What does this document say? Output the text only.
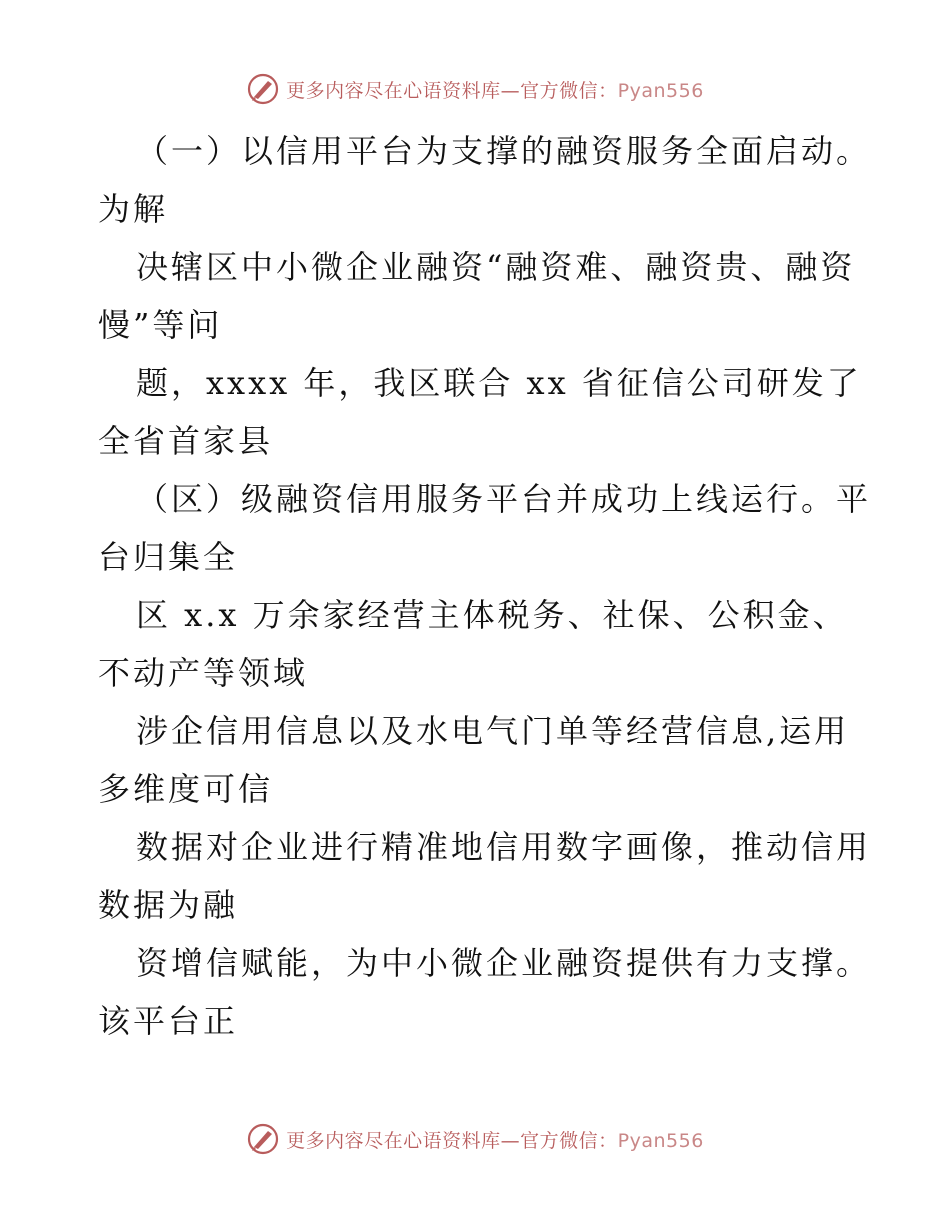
更多内容尽在心语资料库—官方微信：Pyan556
（一）以信用平台为支撑的融资服务全面启动。
为解
决辖区中小微企业融资“融资难、融资贵、融资
慢”等问
题，xxxx 年，我区联合 xx 省征信公司研发了
全省首家县
（区）级融资信用服务平台并成功上线运行。平
台归集全
区 x.x 万余家经营主体税务、社保、公积金、
不动产等领域
涉企信用信息以及水电气门单等经营信息,运用
多维度可信
数据对企业进行精准地信用数字画像，推动信用
数据为融
资增信赋能，为中小微企业融资提供有力支撑。
该平台正
更多内容尽在心语资料库—官方微信：Pyan556
